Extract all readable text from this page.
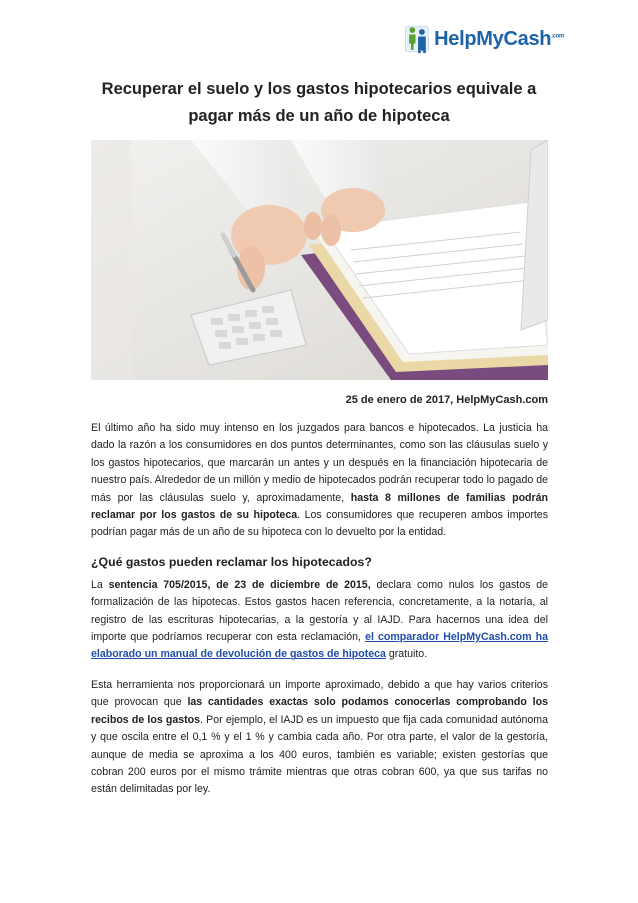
HelpMyCash$^{.com}$
Recuperar el suelo y los gastos hipotecarios equivale a pagar más de un año de hipoteca
25 de enero de 2017, HelpMyCash.com

El último año ha sido muy intenso en los juzgados para bancos e hipotecados. La justicia ha dado la razón a los consumidores en dos puntos determinantes, como son las cláusulas suelo y los gastos hipotecarios, que marcarán un antes y un después en la financiación hipotecaria de nuestro país. Alrededor de un millón y medio de hipotecados podrán recuperar todo lo pagado de más por las cláusulas suelo y, aproximadamente, hasta 8 millones de familias podrán reclamar por los gastos de su hipoteca. Los consumidores que recuperen ambos importes podrían pagar más de un año de su hipoteca con lo devuelto por la entidad.

¿Qué gastos pueden reclamar los hipotecados?

La sentencia 705/2015, de 23 de diciembre de 2015, declara como nulos los gastos de formalización de las hipotecas. Estos gastos hacen referencia, concretamente, a la notaría, al registro de las escrituras hipotecarias, a la gestoría y al IAJD. Para hacernos una idea del importe que podríamos recuperar con esta reclamación, el comparador HelpMyCash.com ha elaborado un manual de devolución de gastos de hipoteca gratuito.

Esta herramienta nos proporcionará un importe aproximado, debido a que hay varios criterios que provocan que las cantidades exactas solo podamos conocerlas comprobando los recibos de los gastos. Por ejemplo, el IAJD es un impuesto que fija cada comunidad autónoma y que oscila entre el 0,1 % y el 1 % y cambia cada año. Por otra parte, el valor de la gestoría, aunque de media se aproxima a los 400 euros, también es variable; existen gestorías que cobran 200 euros por el mismo trámite mientras que otras cobran 600, ya que sus tarifas no están delimitadas por ley.
